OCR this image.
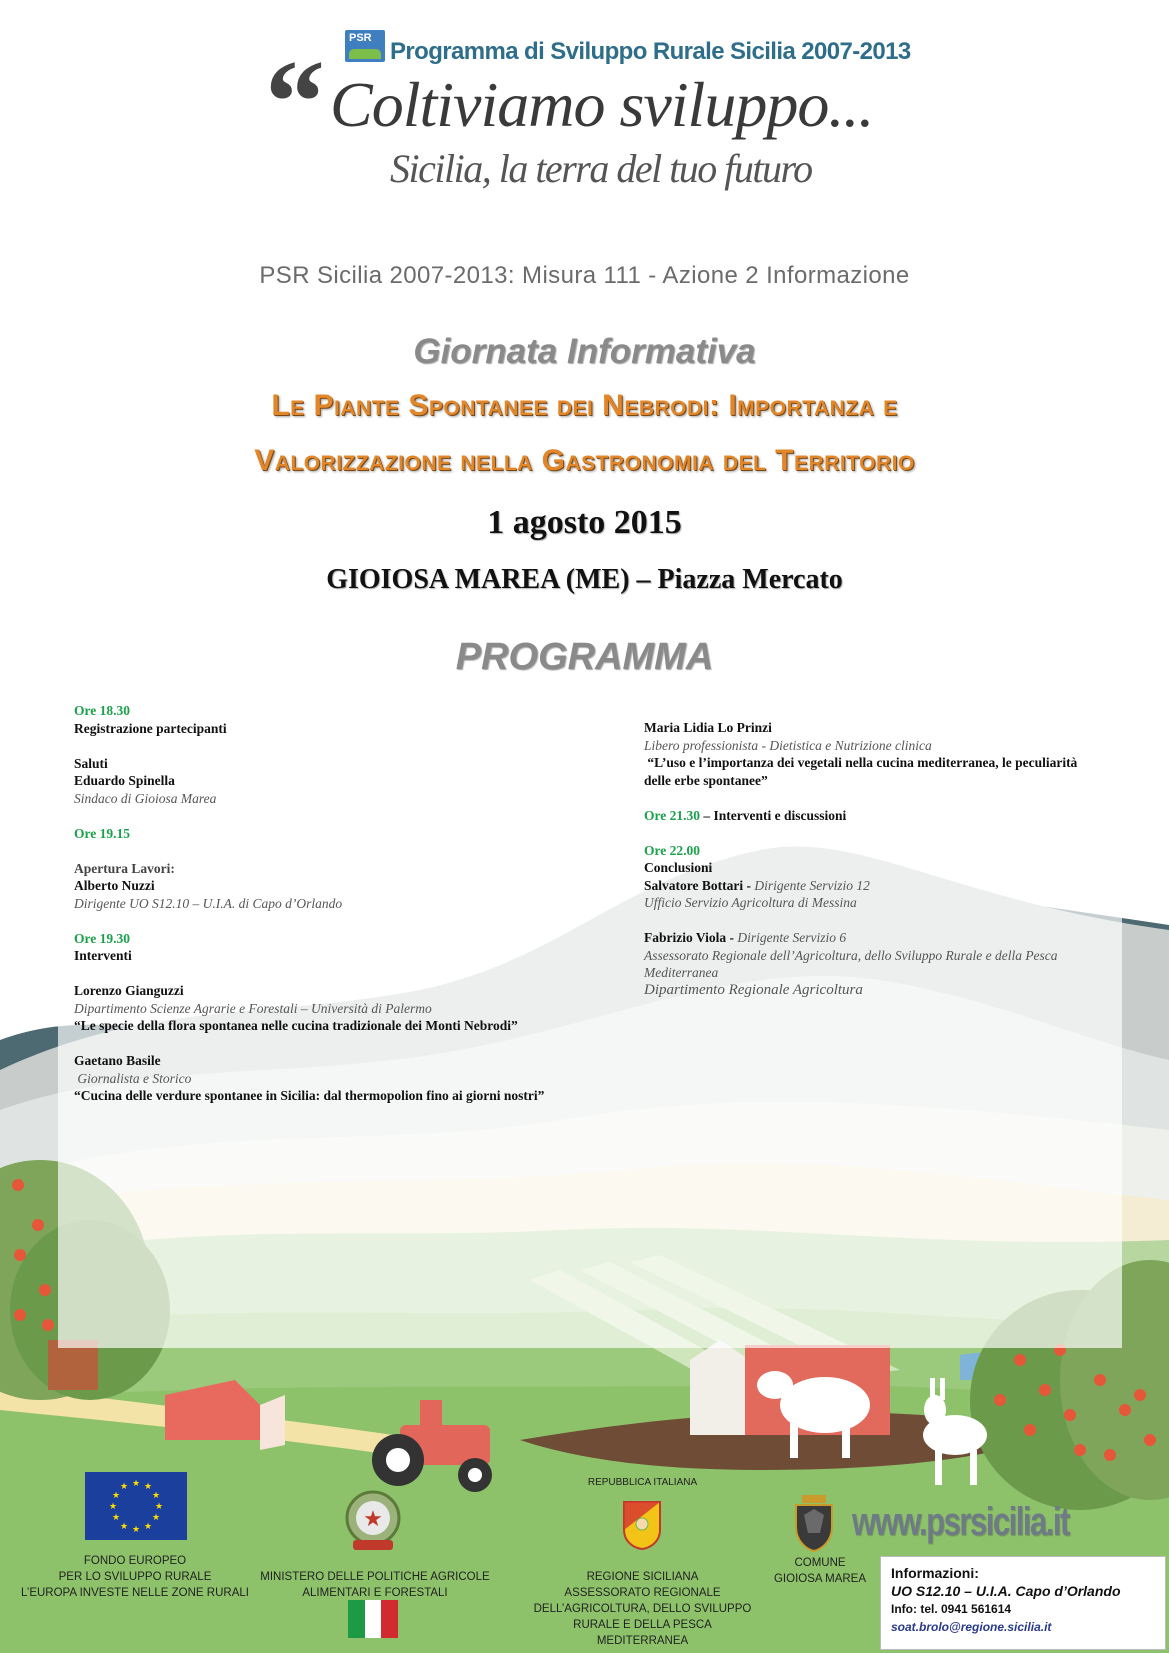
PSR Programma di Sviluppo Rurale Sicilia 2007-2013
“ Coltiviamo sviluppo...
Sicilia, la terra del tuo futuro
PSR Sicilia 2007-2013: Misura 111 - Azione 2 Informazione
Giornata Informativa
Le Piante Spontanee dei Nebrodi: Importanza e
Valorizzazione nella Gastronomia del Territorio
1 agosto 2015
GIOIOSA MAREA (ME) – Piazza Mercato
PROGRAMMA
Ore 18.30
Registrazione partecipanti
Saluti
Eduardo Spinella
Sindaco di Gioiosa Marea
Ore 19.15
Apertura Lavori:
Alberto Nuzzi
Dirigente UO S12.10 – U.I.A. di Capo d’Orlando
Ore 19.30
Interventi
Lorenzo Gianguzzi
Dipartimento Scienze Agrarie e Forestali – Università di Palermo
“Le specie della flora spontanea nelle cucina tradizionale dei Monti Nebrodi”
Gaetano Basile
Giornalista e Storico
“Cucina delle verdure spontanee in Sicilia: dal thermopolion fino ai giorni nostri”
Maria Lidia Lo Prinzi
Libero professionista - Dietistica e Nutrizione clinica
“L’uso e l’importanza dei vegetali nella cucina mediterranea, le peculiarità delle erbe spontanee”
Ore 21.30 – Interventi e discussioni
Ore 22.00
Conclusioni
Salvatore Bottari - Dirigente Servizio 12
Ufficio Servizio Agricoltura di Messina
Fabrizio Viola - Dirigente Servizio 6
Assessorato Regionale dell’Agricoltura, dello Sviluppo Rurale e della Pesca Mediterranea
Dipartimento Regionale Agricoltura
★ ★
★
★
★
★
★
★
★
★
★
★
FONDO EUROPEO
PER LO SVILUPPO RURALE
L’EUROPA INVESTE NELLE ZONE RURALI
★
MINISTERO DELLE POLITICHE AGRICOLE
ALIMENTARI E FORESTALI
REPUBBLICA ITALIANA
REGIONE SICILIANA
ASSESSORATO REGIONALE
DELL’AGRICOLTURA, DELLO SVILUPPO
RURALE E DELLA PESCA MEDITERRANEA
COMUNE
GIOIOSA MAREA
www.psrsicilia.it
Informazioni:
UO S12.10 – U.I.A. Capo d’Orlando
Info: tel. 0941 561614
soat.brolo@regione.sicilia.it
